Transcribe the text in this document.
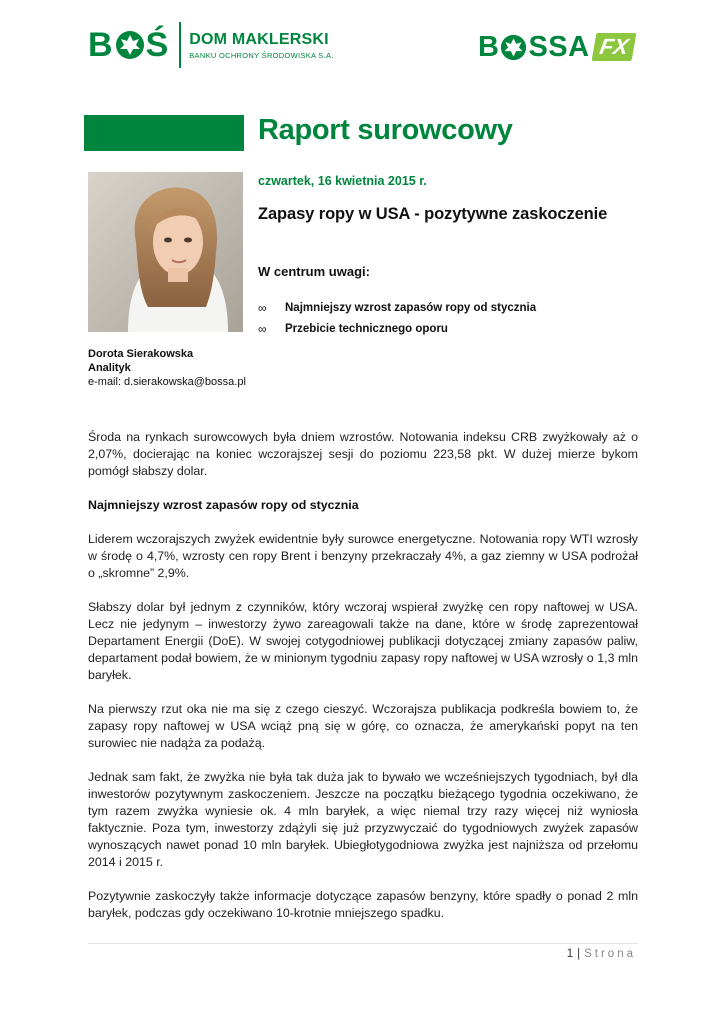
B Ś DOM MAKLERSKI
BANKU OCHRONY ŚRODOWISKA S.A.	B SSA FX
Raport surowcowy
czwartek, 16 kwietnia 2015 r.
Zapasy ropy w USA - pozytywne zaskoczenie
W centrum uwagi:
∞	Najmniejszy wzrost zapasów ropy od stycznia
∞	Przebicie technicznego oporu
Dorota Sierakowska
Analityk
e-mail: d.sierakowska@bossa.pl

Środa na rynkach surowcowych była dniem wzrostów. Notowania indeksu CRB zwyżkowały aż o 2,07%, docierając na koniec wczorajszej sesji do poziomu 223,58 pkt. W dużej mierze bykom pomógł słabszy dolar.

Najmniejszy wzrost zapasów ropy od stycznia

Liderem wczorajszych zwyżek ewidentnie były surowce energetyczne. Notowania ropy WTI wzrosły w środę o 4,7%, wzrosty cen ropy Brent i benzyny przekraczały 4%, a gaz ziemny w USA podrożał o „skromne” 2,9%.

Słabszy dolar był jednym z czynników, który wczoraj wspierał zwyżkę cen ropy naftowej w USA. Lecz nie jedynym – inwestorzy żywo zareagowali także na dane, które w środę zaprezentował Departament Energii (DoE). W swojej cotygodniowej publikacji dotyczącej zmiany zapasów paliw, departament podał bowiem, że w minionym tygodniu zapasy ropy naftowej w USA wzrosły o 1,3 mln baryłek.

Na pierwszy rzut oka nie ma się z czego cieszyć. Wczorajsza publikacja podkreśla bowiem to, że zapasy ropy naftowej w USA wciąż pną się w górę, co oznacza, że amerykański popyt na ten surowiec nie nadąża za podażą.

Jednak sam fakt, że zwyżka nie była tak duża jak to bywało we wcześniejszych tygodniach, był dla inwestorów pozytywnym zaskoczeniem. Jeszcze na początku bieżącego tygodnia oczekiwano, że tym razem zwyżka wyniesie ok. 4 mln baryłek, a więc niemal trzy razy więcej niż wyniosła faktycznie. Poza tym, inwestorzy zdążyli się już przyzwyczaić do tygodniowych zwyżek zapasów wynoszących nawet ponad 10 mln baryłek. Ubiegłotygodniowa zwyżka jest najniższa od przełomu 2014 i 2015 r.

Pozytywnie zaskoczyły także informacje dotyczące zapasów benzyny, które spadły o ponad 2 mln baryłek, podczas gdy oczekiwano 10-krotnie mniejszego spadku.

1 | Strona
